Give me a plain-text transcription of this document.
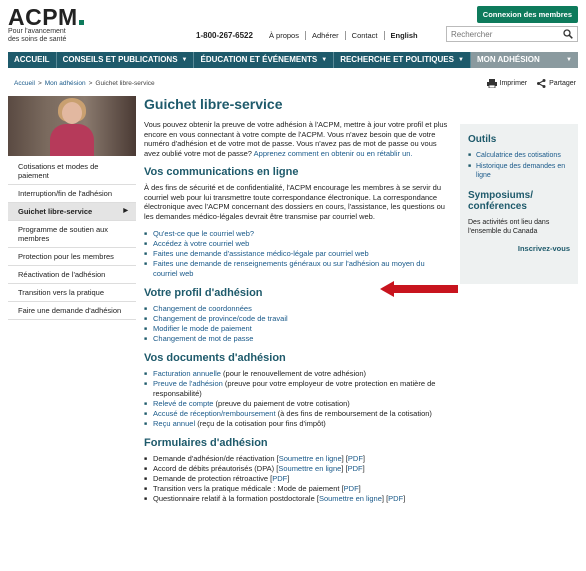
ACPM
Pour l'avancement
des soins de santé
Connexion des membres
1-800-267-6522	À propos	Adhérer	Contact	English
Rechercher
ACCUEIL CONSEILS ET PUBLICATIONS ▼ ÉDUCATION ET ÉVÉNEMENTS ▼ RECHERCHE ET POLITIQUES ▼ MON ADHÉSION	▼
Accueil > Mon adhésion > Guichet libre-service	Imprimer	Partager
Cotisations et modes de paiement
Interruption/fin de l'adhésion
Guichet libre-service ▶
Programme de soutien aux membres
Protection pour les membres
Réactivation de l'adhésion
Transition vers la pratique
Faire une demande d'adhésion
Guichet libre-service

Vous pouvez obtenir la preuve de votre adhésion à l'ACPM, mettre à jour votre profil et plus encore en vous connectant à votre compte de l'ACPM. Vous n'avez besoin que de votre numéro d'adhésion et de votre mot de passe. Vous n'avez pas de mot de passe ou vous avez oublié votre mot de passe? Apprenez comment en obtenir ou en rétablir un.

Vos communications en ligne

À des fins de sécurité et de confidentialité, l'ACPM encourage les membres à se servir du courriel web pour lui transmettre toute correspondance électronique. La correspondance électronique avec l'ACPM concernant des dossiers en cours, l'assistance, les questions ou les demandes médico-légales devrait être transmise par courriel web.

■ Qu'est-ce que le courriel web?
■ Accédez à votre courriel web
■ Faites une demande d'assistance médico-légale par courriel web
■ Faites une demande de renseignements généraux ou sur l'adhésion au moyen du courriel web
Votre profil d'adhésion
■ Changement de coordonnées
■ Changement de province/code de travail
■ Modifier le mode de paiement
■ Changement de mot de passe
Vos documents d'adhésion
■ Facturation annuelle (pour le renouvellement de votre adhésion)
■ Preuve de l'adhésion (preuve pour votre employeur de votre protection en matière de responsabilité)
■ Relevé de compte (preuve du paiement de votre cotisation)
■ Accusé de réception/remboursement (à des fins de remboursement de la cotisation)
■ Reçu annuel (reçu de la cotisation pour fins d'impôt)
Formulaires d'adhésion
■ Demande d'adhésion/de réactivation [Soumettre en ligne] [PDF]
■ Accord de débits préautorisés (DPA) [Soumettre en ligne] [PDF]
■ Demande de protection rétroactive [PDF]
■ Transition vers la pratique médicale : Mode de paiement [PDF]
■ Questionnaire relatif à la formation postdoctorale [Soumettre en ligne] [PDF]
Outils
■ Calculatrice des cotisations
■ Historique des demandes en ligne
Symposiums/ conférences
Des activités ont lieu dans l'ensemble du Canada
Inscrivez-vous
